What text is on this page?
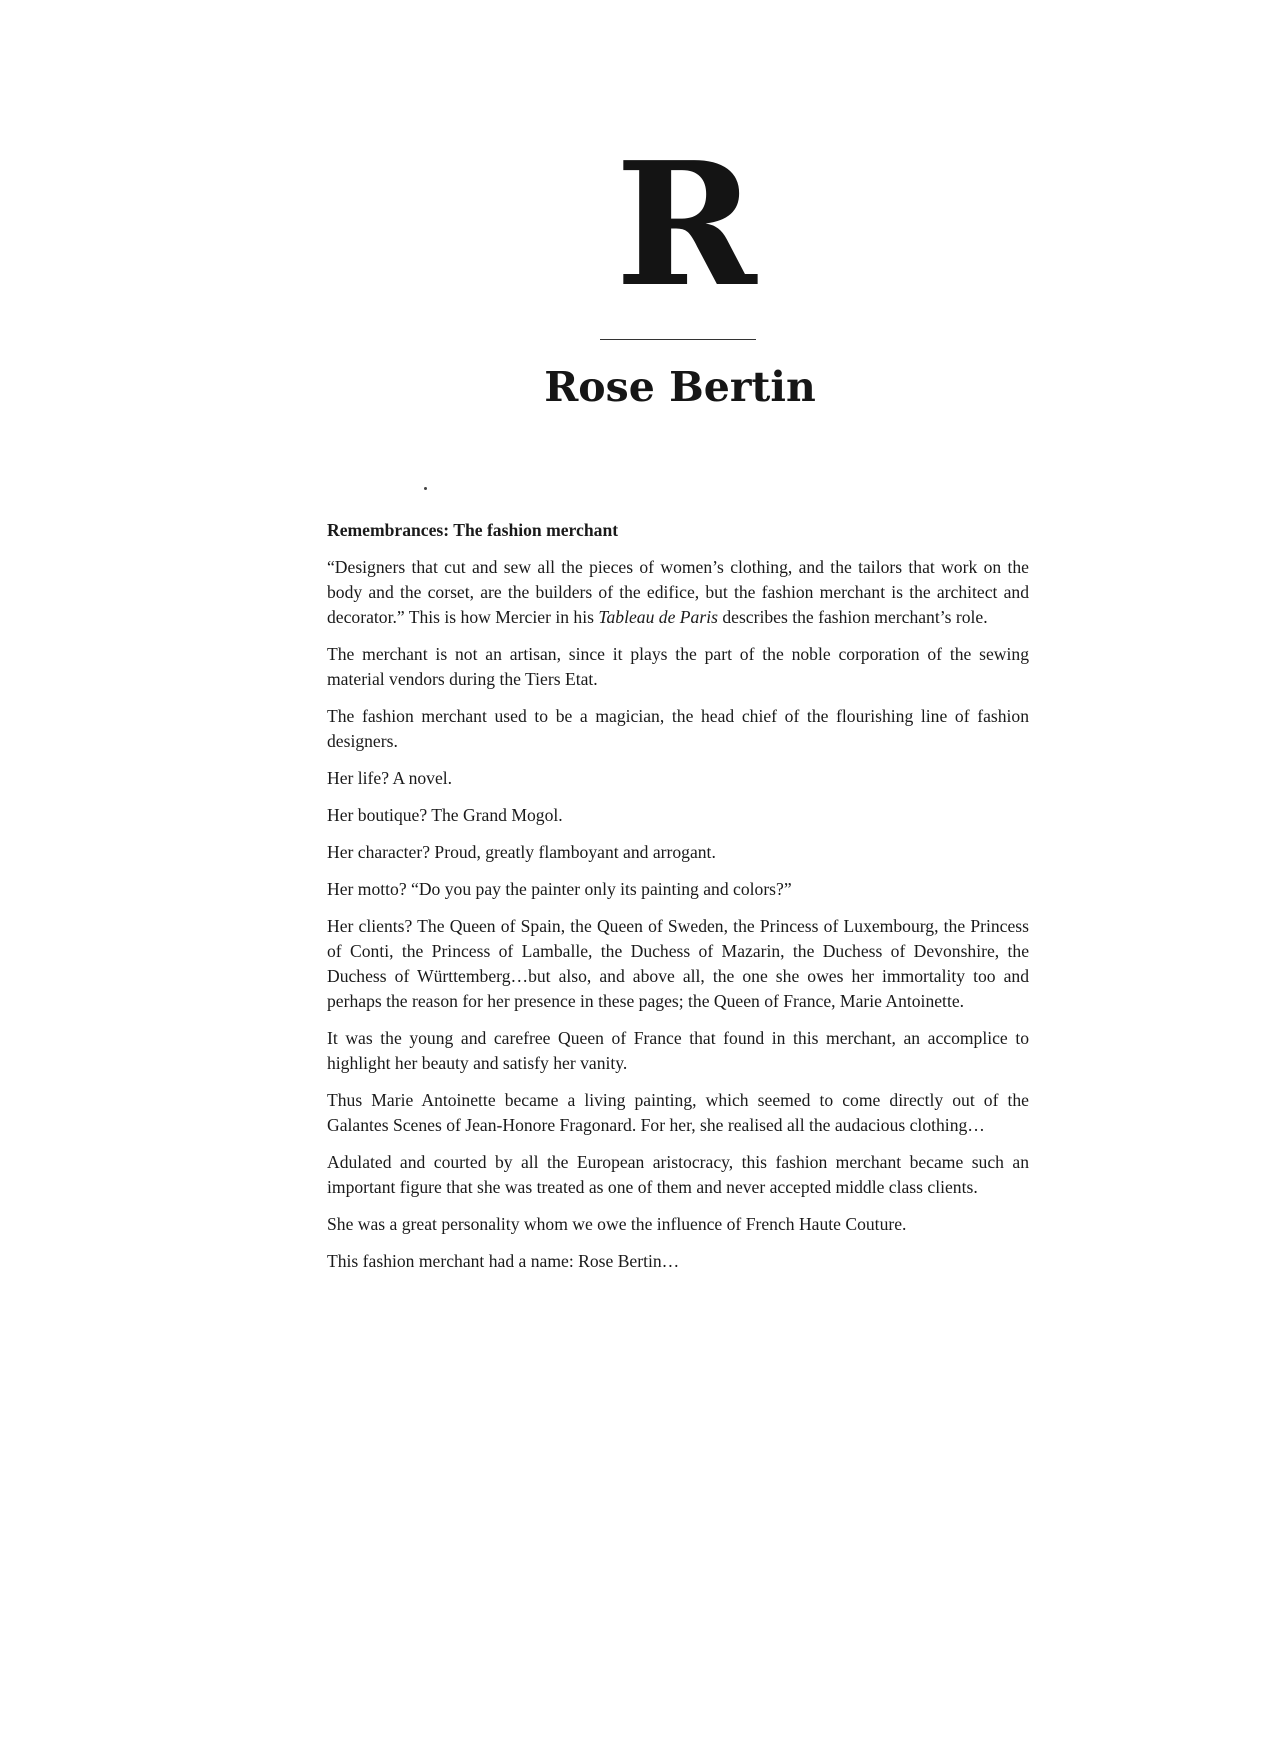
R
Rose Bertin
Remembrances: The fashion merchant

“Designers that cut and sew all the pieces of women’s clothing, and the tailors that work on the body and the corset, are the builders of the edifice, but the fashion merchant is the architect and decorator.” This is how Mercier in his Tableau de Paris describes the fashion merchant’s role.

The merchant is not an artisan, since it plays the part of the noble corporation of the sewing material vendors during the Tiers Etat.

The fashion merchant used to be a magician, the head chief of the flourishing line of fashion designers.

Her life? A novel.

Her boutique? The Grand Mogol.

Her character? Proud, greatly flamboyant and arrogant.

Her motto? “Do you pay the painter only its painting and colors?”

Her clients? The Queen of Spain, the Queen of Sweden, the Princess of Luxembourg, the Princess of Conti, the Princess of Lamballe, the Duchess of Mazarin, the Duchess of Devonshire, the Duchess of Württemberg…but also, and above all, the one she owes her immortality too and perhaps the reason for her presence in these pages; the Queen of France, Marie Antoinette.

It was the young and carefree Queen of France that found in this merchant, an accomplice to highlight her beauty and satisfy her vanity.

Thus Marie Antoinette became a living painting, which seemed to come directly out of the Galantes Scenes of Jean-Honore Fragonard. For her, she realised all the audacious clothing…

Adulated and courted by all the European aristocracy, this fashion merchant became such an important figure that she was treated as one of them and never accepted middle class clients.

She was a great personality whom we owe the influence of French Haute Couture.

This fashion merchant had a name: Rose Bertin…
